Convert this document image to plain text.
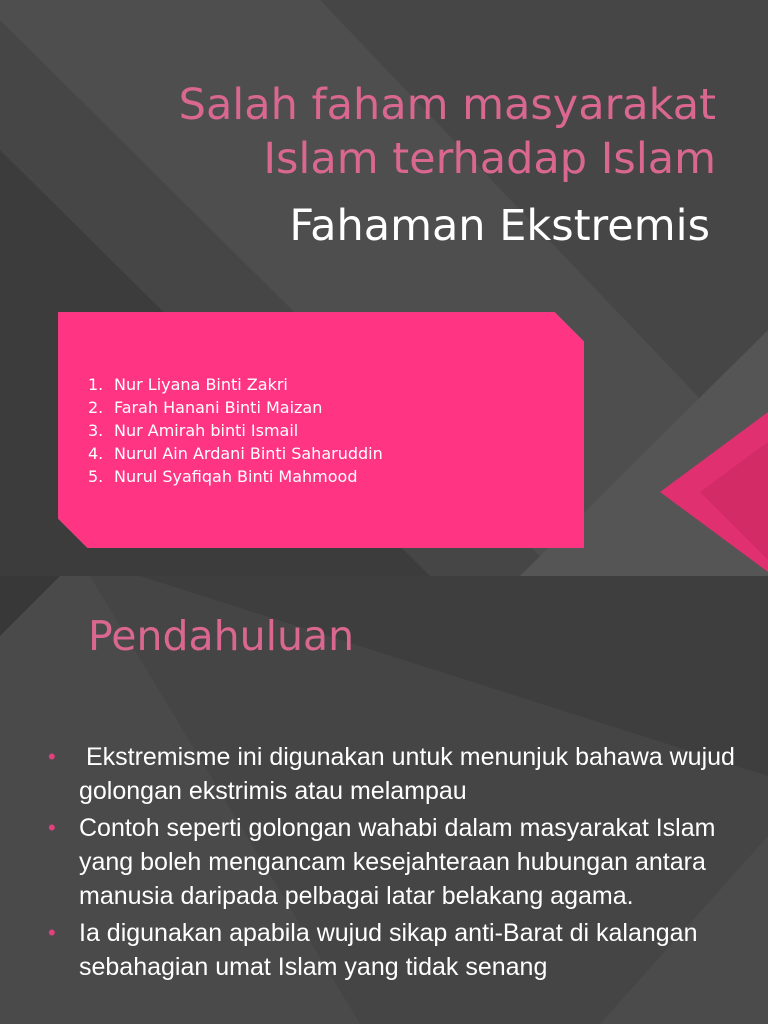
Salah faham masyarakat Islam terhadap Islam
Fahaman Ekstremis
1. Nur Liyana Binti Zakri
2. Farah Hanani Binti Maizan
3. Nur Amirah binti Ismail
4. Nurul Ain Ardani Binti Saharuddin
5. Nurul Syafiqah Binti Mahmood
Pendahuluan
• Ekstremisme ini digunakan untuk menunjuk bahawa wujud golongan ekstrimis atau melampau
• Contoh seperti golongan wahabi dalam masyarakat Islam yang boleh mengancam kesejahteraan hubungan antara manusia daripada pelbagai latar belakang agama.
• Ia digunakan apabila wujud sikap anti-Barat di kalangan sebahagian umat Islam yang tidak senang
